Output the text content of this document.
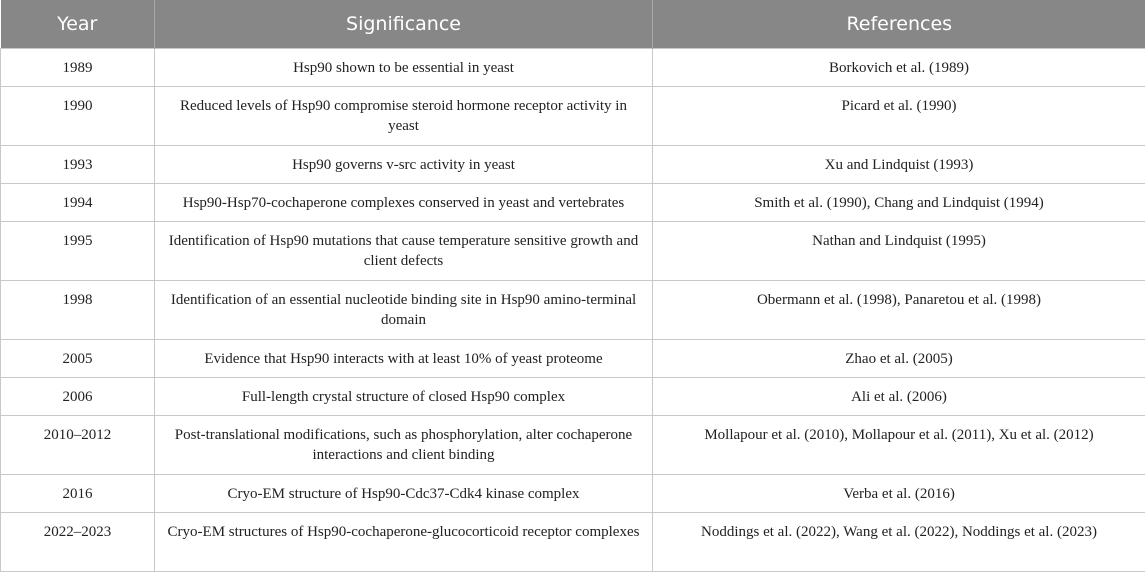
Year	Significance	References
1989	Hsp90 shown to be essential in yeast	Borkovich et al. (1989)
1990	Reduced levels of Hsp90 compromise steroid hormone receptor activity in yeast	Picard et al. (1990)
1993	Hsp90 governs v-src activity in yeast	Xu and Lindquist (1993)
1994	Hsp90-Hsp70-cochaperone complexes conserved in yeast and vertebrates	Smith et al. (1990), Chang and Lindquist (1994)
1995	Identification of Hsp90 mutations that cause temperature sensitive growth and client defects	Nathan and Lindquist (1995)
1998	Identification of an essential nucleotide binding site in Hsp90 amino-terminal domain	Obermann et al. (1998), Panaretou et al. (1998)
2005	Evidence that Hsp90 interacts with at least 10% of yeast proteome	Zhao et al. (2005)
2006	Full-length crystal structure of closed Hsp90 complex	Ali et al. (2006)
2010–2012	Post-translational modifications, such as phosphorylation, alter cochaperone interactions and client binding	Mollapour et al. (2010), Mollapour et al. (2011), Xu et al. (2012)
2016	Cryo-EM structure of Hsp90-Cdc37-Cdk4 kinase complex	Verba et al. (2016)
2022–2023	Cryo-EM structures of Hsp90-cochaperone-glucocorticoid receptor complexes	Noddings et al. (2022), Wang et al. (2022), Noddings et al. (2023)
